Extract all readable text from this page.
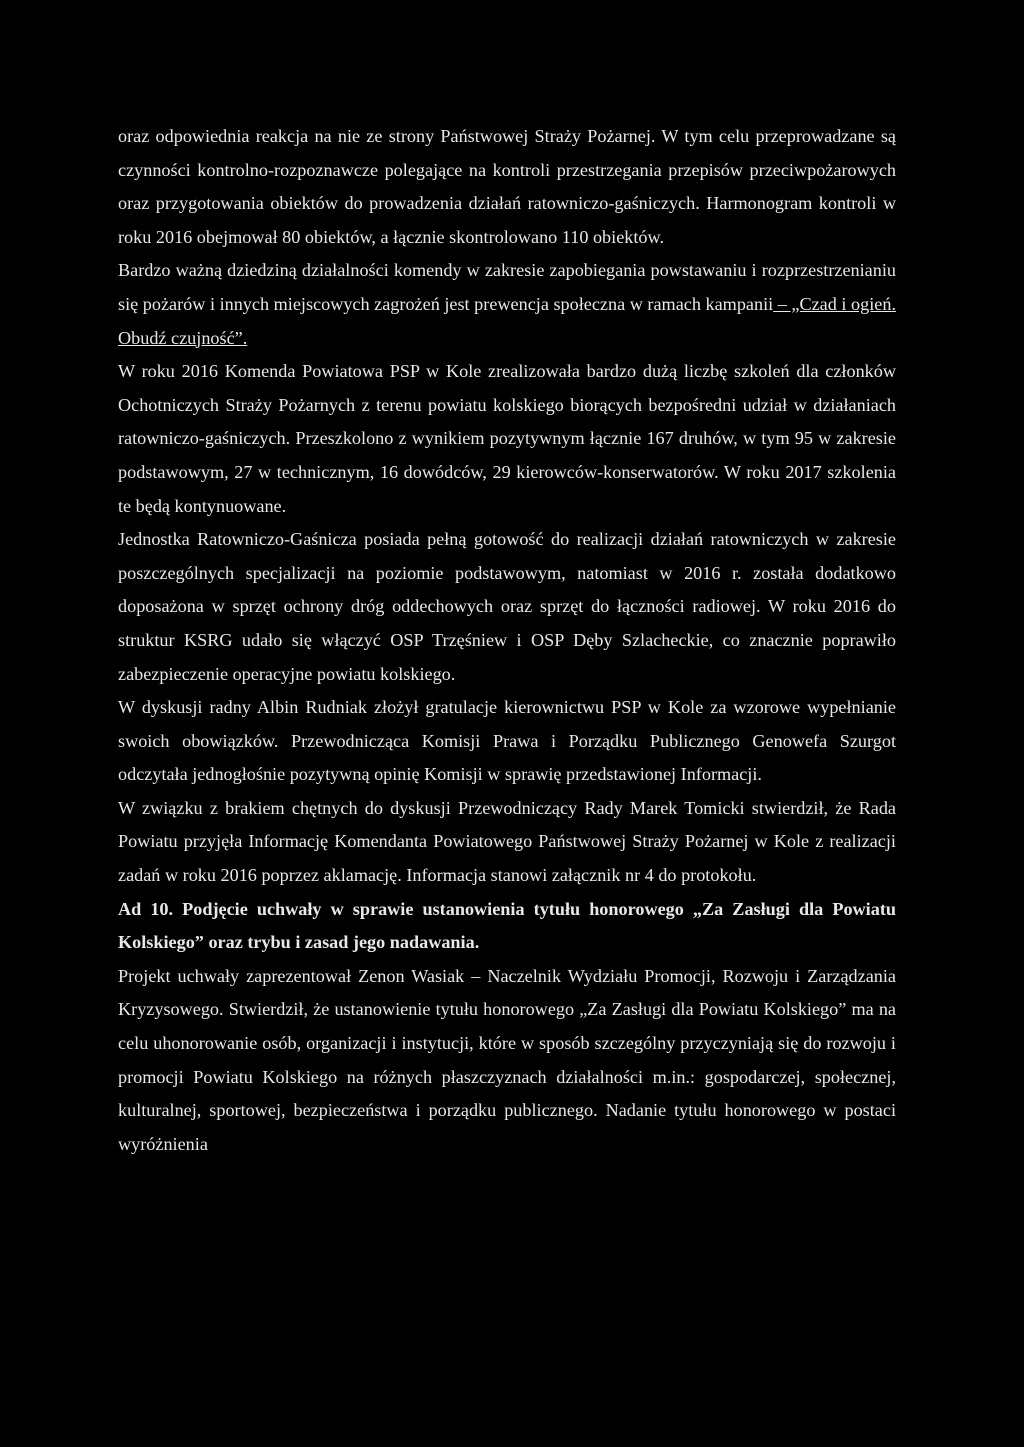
oraz odpowiednia reakcja na nie ze strony Państwowej Straży Pożarnej. W tym celu przeprowadzane są czynności kontrolno-rozpoznawcze polegające na kontroli przestrzegania przepisów przeciwpożarowych oraz przygotowania obiektów do prowadzenia działań ratowniczo-gaśniczych. Harmonogram kontroli w roku 2016 obejmował 80 obiektów, a łącznie skontrolowano 110 obiektów.

Bardzo ważną dziedziną działalności komendy w zakresie zapobiegania powstawaniu i rozprzestrzenianiu się pożarów i innych miejscowych zagrożeń jest prewencja społeczna w ramach kampanii – „Czad i ogień. Obudź czujność”.

W roku 2016 Komenda Powiatowa PSP w Kole zrealizowała bardzo dużą liczbę szkoleń dla członków Ochotniczych Straży Pożarnych z terenu powiatu kolskiego biorących bezpośredni udział w działaniach ratowniczo-gaśniczych. Przeszkolono z wynikiem pozytywnym łącznie 167 druhów, w tym 95 w zakresie podstawowym, 27 w technicznym, 16 dowódców, 29 kierowców-konserwatorów. W roku 2017 szkolenia te będą kontynuowane.

Jednostka Ratowniczo-Gaśnicza posiada pełną gotowość do realizacji działań ratowniczych w zakresie poszczególnych specjalizacji na poziomie podstawowym, natomiast w 2016 r. została dodatkowo doposażona w sprzęt ochrony dróg oddechowych oraz sprzęt do łączności radiowej. W roku 2016 do struktur KSRG udało się włączyć OSP Trzęśniew i OSP Dęby Szlacheckie, co znacznie poprawiło zabezpieczenie operacyjne powiatu kolskiego.

W dyskusji radny Albin Rudniak złożył gratulacje kierownictwu PSP w Kole za wzorowe wypełnianie swoich obowiązków. Przewodnicząca Komisji Prawa i Porządku Publicznego Genowefa Szurgot odczytała jednogłośnie pozytywną opinię Komisji w sprawię przedstawionej Informacji.

W związku z brakiem chętnych do dyskusji Przewodniczący Rady Marek Tomicki stwierdził, że Rada Powiatu przyjęła Informację Komendanta Powiatowego Państwowej Straży Pożarnej w Kole z realizacji zadań w roku 2016 poprzez aklamację. Informacja stanowi załącznik nr 4 do protokołu.

Ad 10. Podjęcie uchwały w sprawie ustanowienia tytułu honorowego „Za Zasługi dla Powiatu Kolskiego” oraz trybu i zasad jego nadawania.

Projekt uchwały zaprezentował Zenon Wasiak – Naczelnik Wydziału Promocji, Rozwoju i Zarządzania Kryzysowego. Stwierdził, że ustanowienie tytułu honorowego „Za Zasługi dla Powiatu Kolskiego” ma na celu uhonorowanie osób, organizacji i instytucji, które w sposób szczególny przyczyniają się do rozwoju i promocji Powiatu Kolskiego na różnych płaszczyznach działalności m.in.: gospodarczej, społecznej, kulturalnej, sportowej, bezpieczeństwa i porządku publicznego. Nadanie tytułu honorowego w postaci wyróżnienia
